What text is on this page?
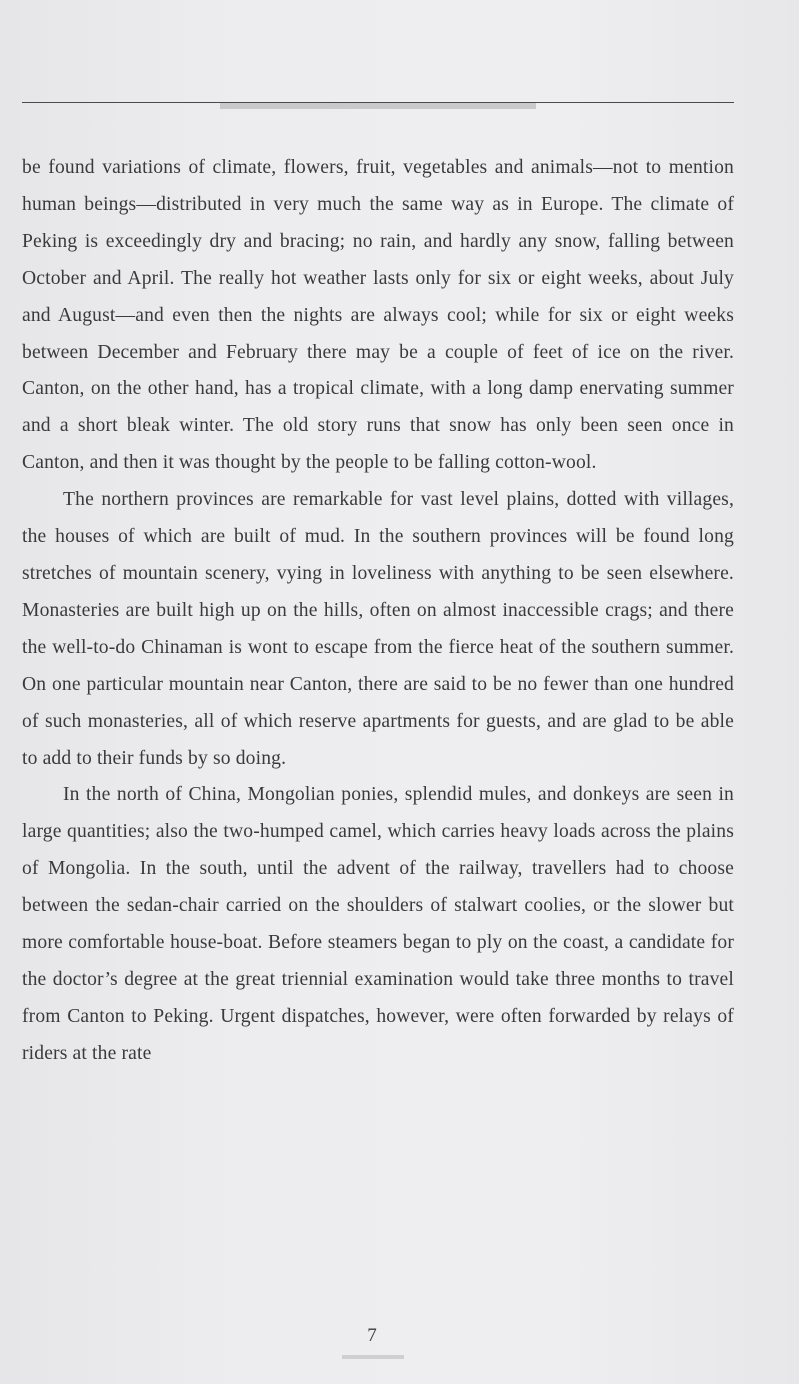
be found variations of climate, flowers, fruit, vegetables and animals—not to mention human beings—distributed in very much the same way as in Europe. The climate of Peking is exceedingly dry and bracing; no rain, and hardly any snow, falling between October and April. The really hot weather lasts only for six or eight weeks, about July and August—and even then the nights are always cool; while for six or eight weeks between December and February there may be a couple of feet of ice on the river. Canton, on the other hand, has a tropical climate, with a long damp enervating summer and a short bleak winter. The old story runs that snow has only been seen once in Canton, and then it was thought by the people to be falling cotton-wool.

The northern provinces are remarkable for vast level plains, dotted with villages, the houses of which are built of mud. In the southern provinces will be found long stretches of mountain scenery, vying in loveliness with anything to be seen elsewhere. Monasteries are built high up on the hills, often on almost inaccessible crags; and there the well-to-do Chinaman is wont to escape from the fierce heat of the southern summer. On one particular mountain near Canton, there are said to be no fewer than one hundred of such monasteries, all of which reserve apartments for guests, and are glad to be able to add to their funds by so doing.

In the north of China, Mongolian ponies, splendid mules, and donkeys are seen in large quantities; also the two-humped camel, which carries heavy loads across the plains of Mongolia. In the south, until the advent of the railway, travellers had to choose between the sedan-chair carried on the shoulders of stalwart coolies, or the slower but more comfortable house-boat. Before steamers began to ply on the coast, a candidate for the doctor’s degree at the great triennial examination would take three months to travel from Canton to Peking. Urgent dispatches, however, were often forwarded by relays of riders at the rate

7
